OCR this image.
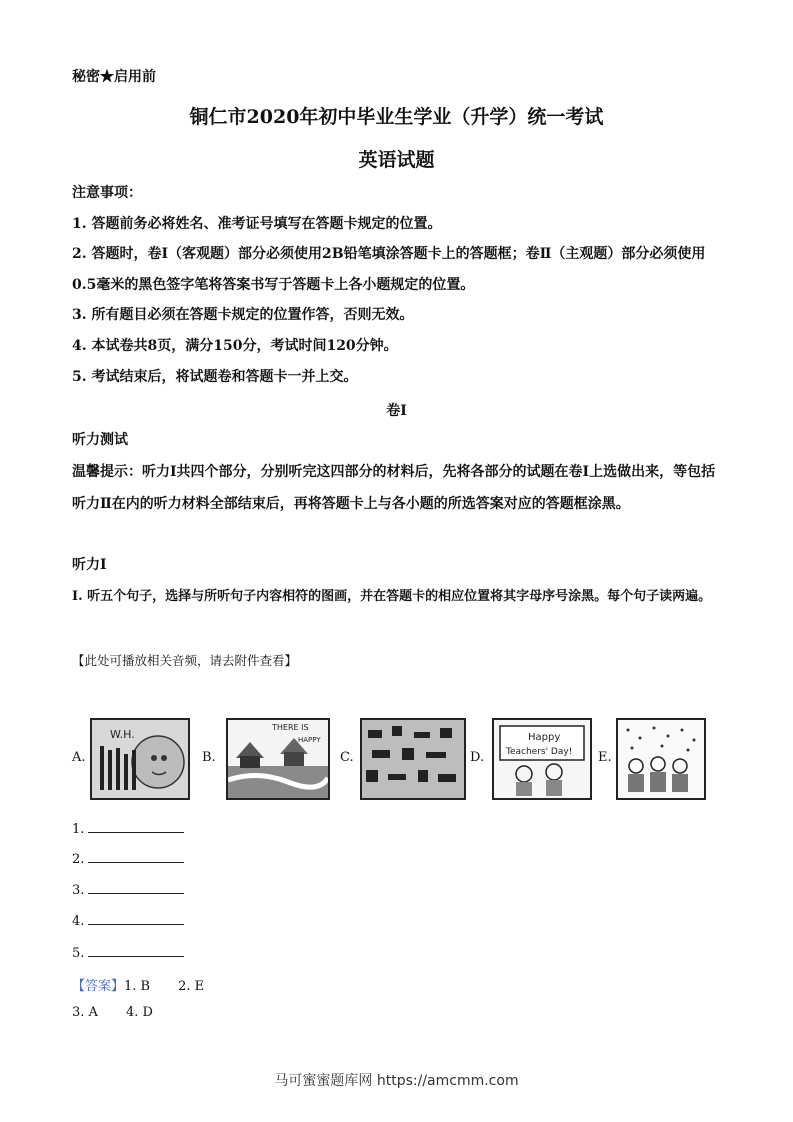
秘密★启用前
铜仁市2020年初中毕业生学业（升学）统一考试
英语试题
注意事项：
1. 答题前务必将姓名、准考证号填写在答题卡规定的位置。
2. 答题时，卷Ⅰ（客观题）部分必须使用2B铅笔填涂答题卡上的答题框；卷Ⅱ（主观题）部分必须使用0.5毫米的黑色签字笔将答案书写于答题卡上各小题规定的位置。
3. 所有题目必须在答题卡规定的位置作答，否则无效。
4. 本试卷共8页，满分150分，考试时间120分钟。
5. 考试结束后，将试题卷和答题卡一并上交。
卷Ⅰ
听力测试
温馨提示：听力Ⅰ共四个部分，分别听完这四部分的材料后，先将各部分的试题在卷Ⅰ上选做出来，等包括听力Ⅱ在内的听力材料全部结束后，再将答题卡上与各小题的所选答案对应的答题框涂黑。
听力Ⅰ
Ⅰ. 听五个句子，选择与所听句子内容相符的图画，并在答题卡的相应位置将其字母序号涂黑。每个句子读两遍。
【此处可播放相关音频，请去附件查看】
A.
W.H.
B.
THERE IS
HAPPY
C.	D.
Happy
Teachers' Day! E.
1.
2.
3.
4.
5.
【答案】1. B 2. E
3. A 4. D
马可蜜蜜题库网 https://amcmm.com
